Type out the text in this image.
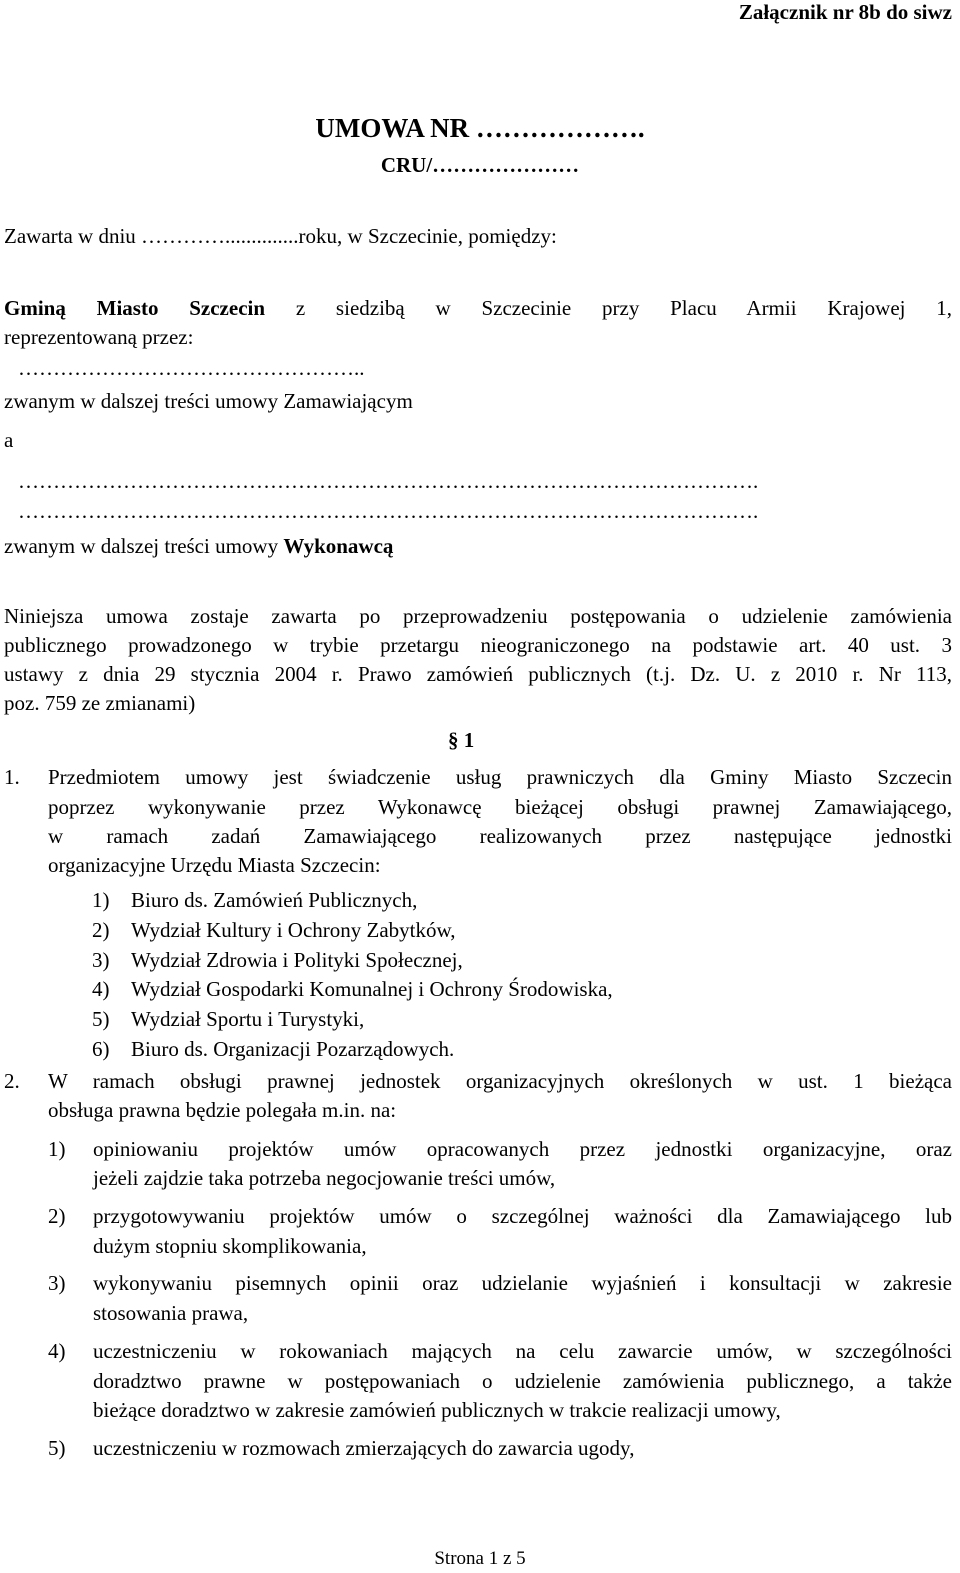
Załącznik nr 8b do siwz
UMOWA NR ……………….
CRU/…………………
Zawarta w dniu …………..............roku, w Szczecinie, pomiędzy:
Gminą Miasto Szczecin z siedzibą w Szczecinie przy Placu Armii Krajowej 1,
reprezentowaną przez:
…………………………………………..
zwanym w dalszej treści umowy Zamawiającym
a
…………………………………………………………………………………………….
…………………………………………………………………………………………….
zwanym w dalszej treści umowy Wykonawcą
Niniejsza umowa zostaje zawarta po przeprowadzeniu postępowania o udzielenie zamówienia
publicznego prowadzonego w trybie przetargu nieograniczonego na podstawie art. 40 ust. 3
ustawy z dnia 29 stycznia 2004 r. Prawo zamówień publicznych (t.j. Dz. U. z 2010 r. Nr 113,
poz. 759 ze zmianami)
§ 1
1. Przedmiotem umowy jest świadczenie usług prawniczych dla Gminy Miasto Szczecin
poprzez wykonywanie przez Wykonawcę bieżącej obsługi prawnej Zamawiającego,
w ramach zadań Zamawiającego realizowanych przez następujące jednostki
organizacyjne Urzędu Miasta Szczecin:
1) Biuro ds. Zamówień Publicznych,
2) Wydział Kultury i Ochrony Zabytków,
3) Wydział Zdrowia i Polityki Społecznej,
4) Wydział Gospodarki Komunalnej i Ochrony Środowiska,
5) Wydział Sportu i Turystyki,
6) Biuro ds. Organizacji Pozarządowych.
2. W ramach obsługi prawnej jednostek organizacyjnych określonych w ust. 1 bieżąca
obsługa prawna będzie polegała m.in. na:
1) opiniowaniu projektów umów opracowanych przez jednostki organizacyjne, oraz
jeżeli zajdzie taka potrzeba negocjowanie treści umów,
2) przygotowywaniu projektów umów o szczególnej ważności dla Zamawiającego lub
dużym stopniu skomplikowania,
3) wykonywaniu pisemnych opinii oraz udzielanie wyjaśnień i konsultacji w zakresie
stosowania prawa,
4) uczestniczeniu w rokowaniach mających na celu zawarcie umów, w szczególności
doradztwo prawne w postępowaniach o udzielenie zamówienia publicznego, a także
bieżące doradztwo w zakresie zamówień publicznych w trakcie realizacji umowy,
5) uczestniczeniu w rozmowach zmierzających do zawarcia ugody,
Strona 1 z 5
